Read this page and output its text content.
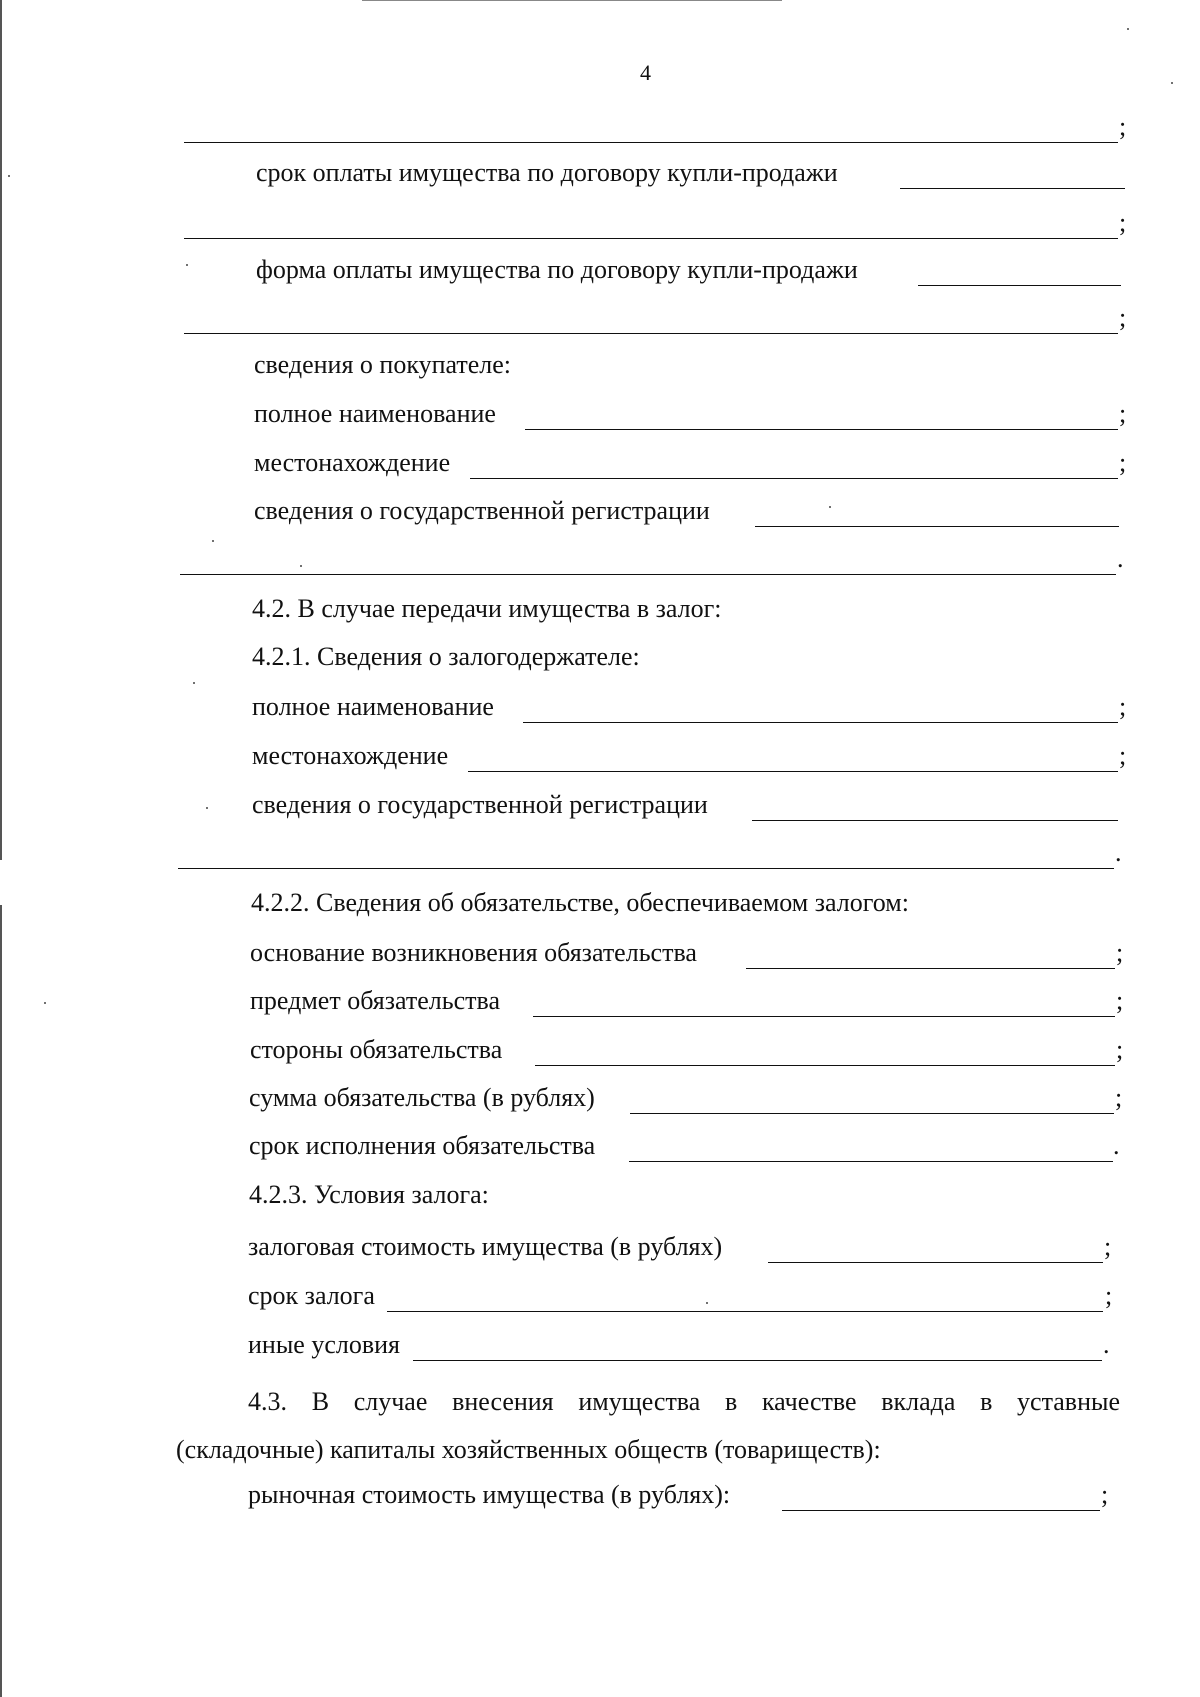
4
;
срок оплаты имущества по договору купли-продажи
;
форма оплаты имущества по договору купли-продажи
;
сведения о покупателе:
полное наименование	;
местонахождение	;
сведения о государственной регистрации
.
4.2. В случае передачи имущества в залог:
4.2.1. Сведения о залогодержателе:
полное наименование	;
местонахождение	;
сведения о государственной регистрации
.
4.2.2. Сведения об обязательстве, обеспечиваемом залогом:
основание возникновения обязательства	;
предмет обязательства	;
стороны обязательства	;
сумма обязательства (в рублях)	;
срок исполнения обязательства	.
4.2.3. Условия залога:
залоговая стоимость имущества (в рублях)	;
срок залога	;
иные условия	.
4.3. В случае внесения имущества в качестве вклада в уставные
(складочные) капиталы хозяйственных обществ (товариществ):
рыночная стоимость имущества (в рублях):	;
